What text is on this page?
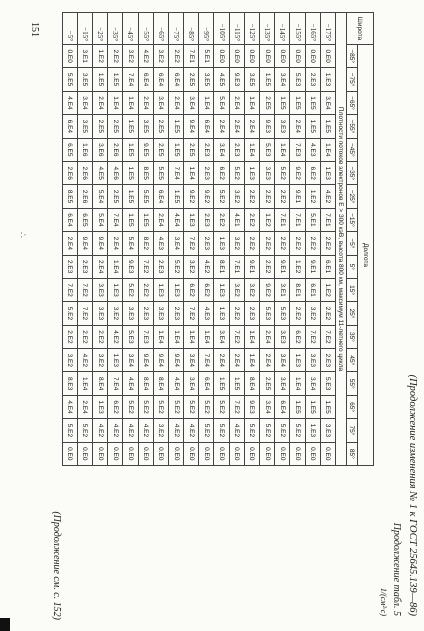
(Продолжение изменения № 1 к ГОСТ 25645.139—86)
Продолжение табл. 5
1/(см²·с)
Широта	Долгота																	
	−85°	−75°	−65°	−55°	−45°	−35°	−25°	−15°	−5°	5°	15°	25°	35°	45°	55°	65°	75°	85°
Плотности потоков электронов E > 300 кэВ, высота 800 км, максимум 11-летнего цикла																		
−175°	0.E0	1.E3	3.E4	1.E5	1.E4	1.E3	4.E2	7.E1	2.E2	6.E1	1.E2	2.E2	7.E2	2.E3	5.E3	1.E5	3.E3	0.E0
−165°	0.E0	2.E3	1.E5	1.E5	4.E3	6.E2	1.E2	5.E1	2.E2	9.E1	6.E1	3.E2	7.E2	3.E3	3.E4	1.E5	1.E3	0.E0
−155°	0.E0	5.E3	1.E5	2.E4	7.E3	9.E2	9.E1	7.E1	2.E2	1.E2	8.E1	2.E2	6.E2	1.E3	1.E4	1.E5	5.E2	0.E0
−145°	0.E0	3.E4	1.E5	3.E3	1.E4	5.E2	2.E2	7.E1	2.E2	9.E1	3.E1	5.E3	3.E3	3.E4	3.E4	6.E4	5.E2	0.E0
−135°	0.E0	1.E5	2.E5	9.E3	5.E3	3.E3	2.E2	1.E2	2.E2	2.E2	9.E2	5.E3	2.E4	2.E4	2.E5	3.E4	5.E2	0.E0
−125°	0.E0	3.E5	1.E4	2.E4	1.E4	1.E3	2.E2	2.E2	2.E2	9.E1	3.E2	2.E3	1.E4	1.E4	8.E4	9.E3	5.E2	0.E0
−115°	0.E0	9.E3	2.E4	2.E4	2.E3	5.E2	3.E2	4.E1	3.E2	7.E1	3.E2	2.E2	7.E2	2.E4	1.E5	7.E2	4.E2	0.E0
−105°	0.E0	4.E5	5.E4	2.E4	3.E4	6.E2	5.E2	2.E2	1.E3	8.E1	1.E3	1.E3	3.E4	2.E4	1.E5	5.E2	5.E2	0.E0
−95°	5.E1	3.E5	1.E4	6.E4	2.E3	2.E3	9.E2	2.E3	2.E3	4.E2	6.E2	4.E3	1.E4	7.E4	6.E4	5.E2	5.E2	0.E0
−85°	7.E1	2.E5	3.E4	9.E4	2.E5	1.E4	9.E2	1.E3	7.E2	3.E2	6.E2	7.E2	1.E4	3.E4	3.E4	5.E2	4.E2	0.E0
−75°	2.E2	6.E4	2.E4	1.E5	1.E5	7.E4	1.E5	4.E4	3.E4	5.E2	1.E3	2.E3	1.E4	9.E4	4.E4	5.E2	4.E2	0.E0
−65°	3.E2	6.E4	3.E4	2.E5	2.E5	5.E5	6.E4	2.E4	4.E3	2.E3	1.E3	3.E3	1.E4	9.E4	8.E4	5.E2	3.E2	0.E0
−55°	4.E2	6.E4	2.E4	3.E5	9.E5	8.E5	5.E5	1.E5	8.E2	7.E2	2.E2	2.E3	7.E3	9.E4	8.E4	5.E2	4.E2	0.E0
−45°	3.E2	7.E4	1.E4	1.E5	1.E5	1.E5	1.E5	1.E5	5.E4	9.E3	5.E2	3.E3	5.E3	3.E4	4.E4	5.E2	4.E2	0.E0
−35°	2.E2	1.E5	1.E4	2.E5	2.E6	4.E6	2.E5	7.E4	2.E4	1.E4	1.E3	3.E2	4.E2	1.E3	7.E4	6.E2	4.E2	0.E0
−25°	1.E2	1.E5	2.E4	2.E5	3.E6	4.E5	5.E4	5.E4	9.E4	2.E4	3.E3	3.E3	2.E2	3.E2	8.E4	1.E3	4.E2	0.E0
−15°	3.E1	3.E5	3.E4	3.E5	1.E6	2.E6	2.E6	6.E5	9.E4	2.E3	7.E2	7.E2	2.E2	4.E2	1.E4	2.E4	5.E2	0.E0
−5°	0.E0	5.E5	4.E4	6.E4	6.E5	2.E6	8.E5	6.E4	2.E4	2.E3	7.E2	5.E2	2.E2	3.E2	8.E3	4.E4	5.E2	0.E0
(Продолжение см. с. 152)
151
∴
